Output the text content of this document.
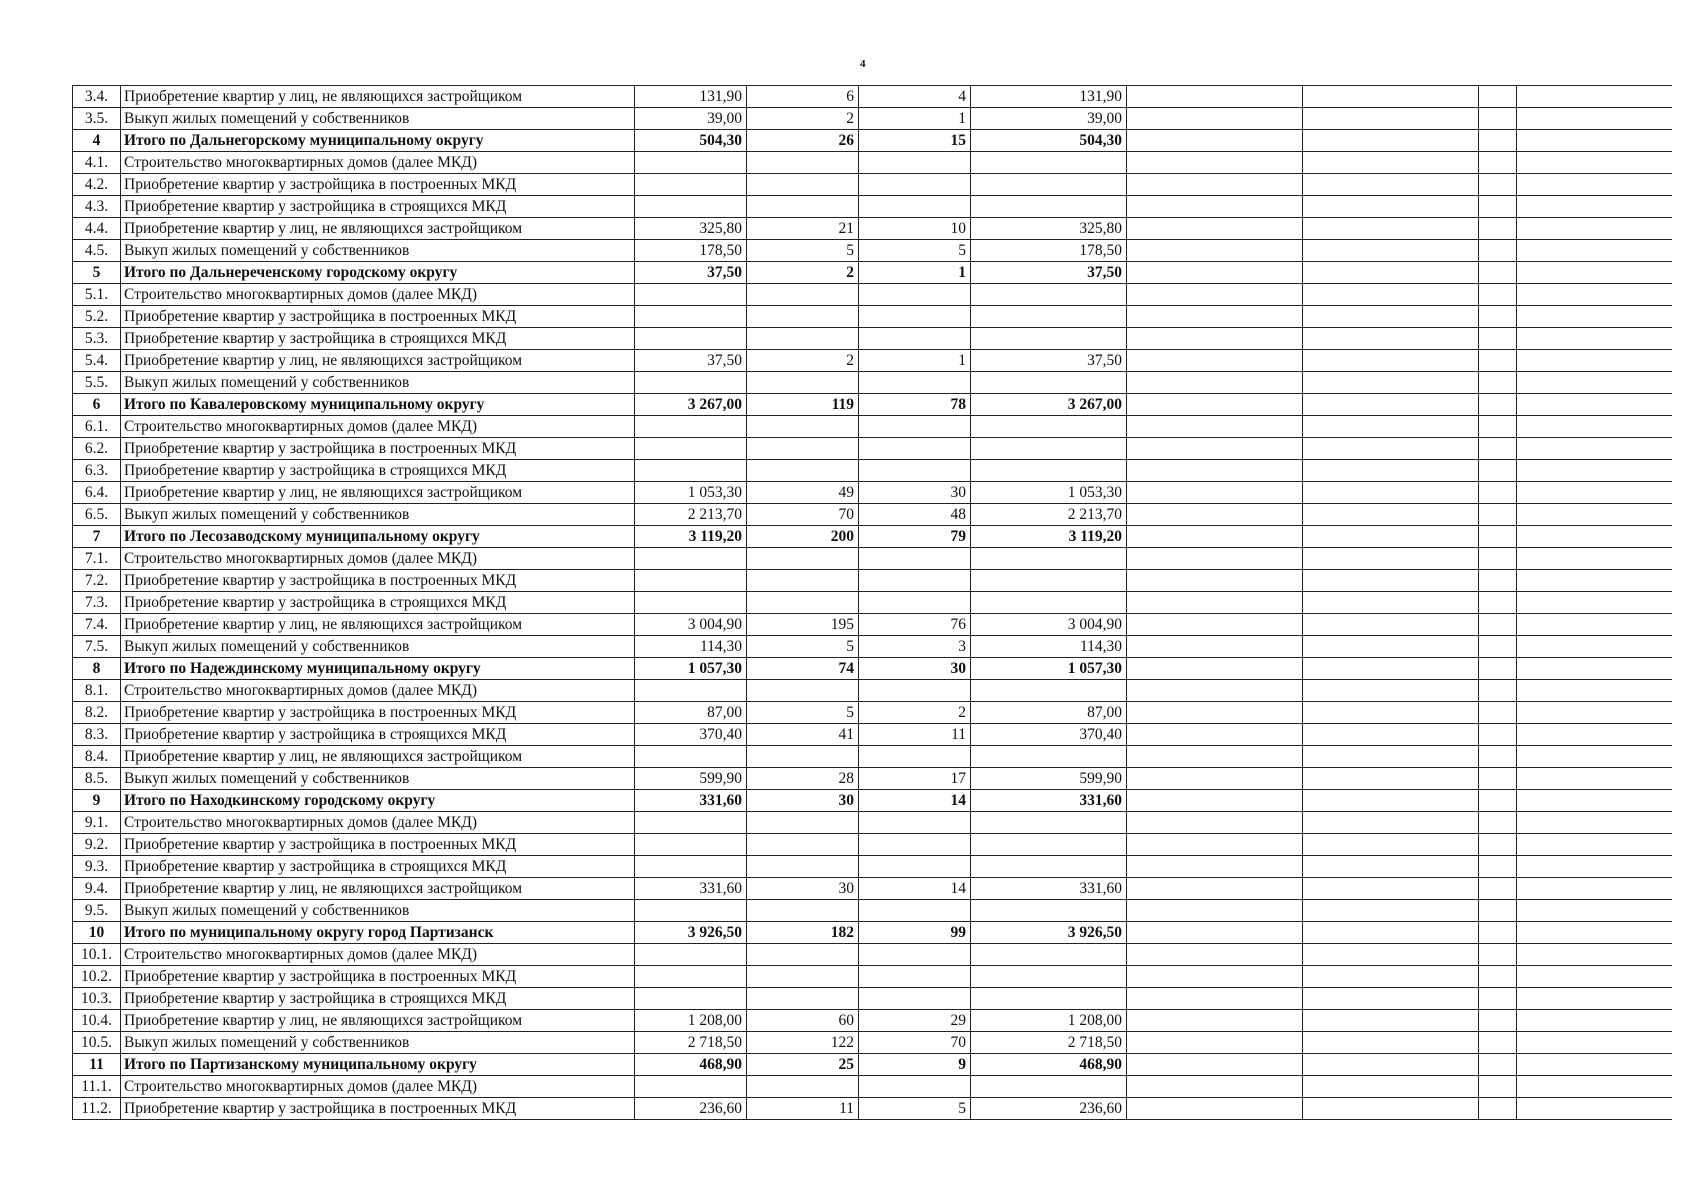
4
3.4.	Приобретение квартир у лиц, не являющихся застройщиком	131,90	6	4	131,90				
3.5.	Выкуп жилых помещений у собственников	39,00	2	1	39,00				
4	Итого по Дальнегорскому муниципальному округу	504,30	26	15	504,30				
4.1.	Строительство многоквартирных домов (далее МКД)								
4.2.	Приобретение квартир у застройщика в построенных МКД								
4.3.	Приобретение квартир у застройщика в строящихся МКД								
4.4.	Приобретение квартир у лиц, не являющихся застройщиком	325,80	21	10	325,80				
4.5.	Выкуп жилых помещений у собственников	178,50	5	5	178,50				
5	Итого по Дальнереченскому городскому округу	37,50	2	1	37,50				
5.1.	Строительство многоквартирных домов (далее МКД)								
5.2.	Приобретение квартир у застройщика в построенных МКД								
5.3.	Приобретение квартир у застройщика в строящихся МКД								
5.4.	Приобретение квартир у лиц, не являющихся застройщиком	37,50	2	1	37,50				
5.5.	Выкуп жилых помещений у собственников								
6	Итого по Кавалеровскому муниципальному округу	3 267,00	119	78	3 267,00				
6.1.	Строительство многоквартирных домов (далее МКД)								
6.2.	Приобретение квартир у застройщика в построенных МКД								
6.3.	Приобретение квартир у застройщика в строящихся МКД								
6.4.	Приобретение квартир у лиц, не являющихся застройщиком	1 053,30	49	30	1 053,30				
6.5.	Выкуп жилых помещений у собственников	2 213,70	70	48	2 213,70				
7	Итого по Лесозаводскому муниципальному округу	3 119,20	200	79	3 119,20				
7.1.	Строительство многоквартирных домов (далее МКД)								
7.2.	Приобретение квартир у застройщика в построенных МКД								
7.3.	Приобретение квартир у застройщика в строящихся МКД								
7.4.	Приобретение квартир у лиц, не являющихся застройщиком	3 004,90	195	76	3 004,90				
7.5.	Выкуп жилых помещений у собственников	114,30	5	3	114,30				
8	Итого по Надеждинскому муниципальному округу	1 057,30	74	30	1 057,30				
8.1.	Строительство многоквартирных домов (далее МКД)								
8.2.	Приобретение квартир у застройщика в построенных МКД	87,00	5	2	87,00				
8.3.	Приобретение квартир у застройщика в строящихся МКД	370,40	41	11	370,40				
8.4.	Приобретение квартир у лиц, не являющихся застройщиком								
8.5.	Выкуп жилых помещений у собственников	599,90	28	17	599,90				
9	Итого по Находкинскому городскому округу	331,60	30	14	331,60				
9.1.	Строительство многоквартирных домов (далее МКД)								
9.2.	Приобретение квартир у застройщика в построенных МКД								
9.3.	Приобретение квартир у застройщика в строящихся МКД								
9.4.	Приобретение квартир у лиц, не являющихся застройщиком	331,60	30	14	331,60				
9.5.	Выкуп жилых помещений у собственников								
10	Итого по муниципальному округу город Партизанск	3 926,50	182	99	3 926,50				
10.1.	Строительство многоквартирных домов (далее МКД)								
10.2.	Приобретение квартир у застройщика в построенных МКД								
10.3.	Приобретение квартир у застройщика в строящихся МКД								
10.4.	Приобретение квартир у лиц, не являющихся застройщиком	1 208,00	60	29	1 208,00				
10.5.	Выкуп жилых помещений у собственников	2 718,50	122	70	2 718,50				
11	Итого по Партизанскому муниципальному округу	468,90	25	9	468,90				
11.1.	Строительство многоквартирных домов (далее МКД)								
11.2.	Приобретение квартир у застройщика в построенных МКД	236,60	11	5	236,60				
